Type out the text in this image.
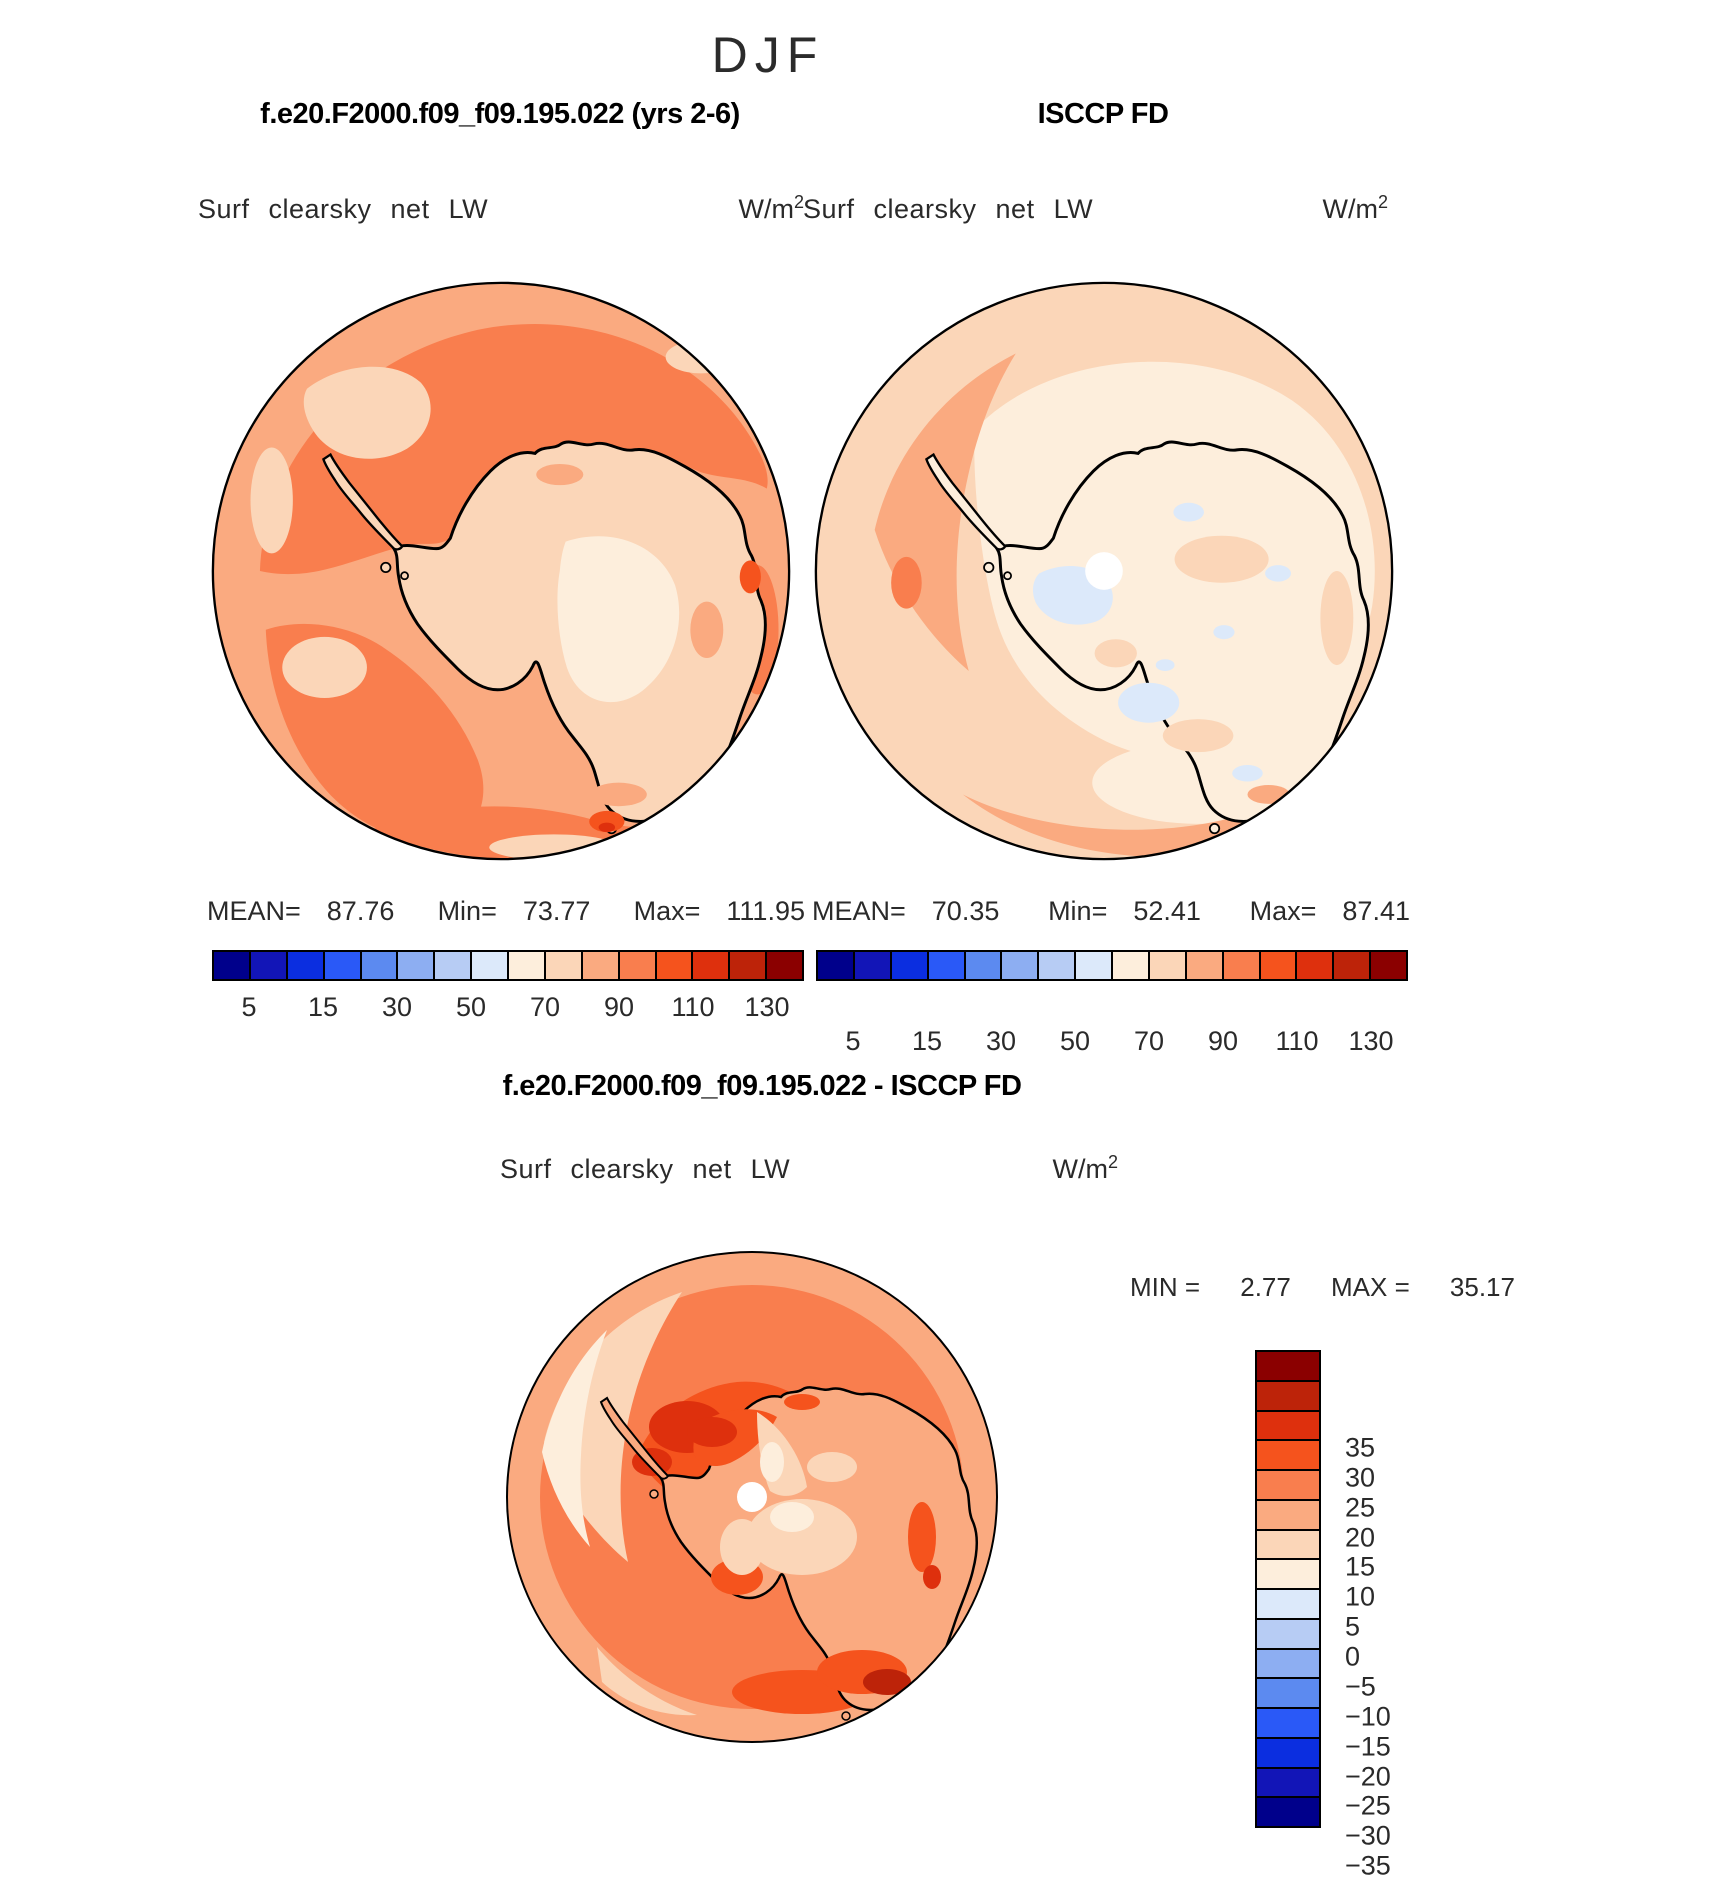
DJF
f.e20.F2000.f09_f09.195.022 (yrs 2-6)	ISCCP FD
Surf clearsky net LW	$W/m^2$ Surf clearsky net LW	$W/m^2$
MEAN= 87.76 Min= 73.77 Max= 111.95 MEAN= 70.35 Min= 52.41 Max= 87.41
5 15 30 50 70 90 110 130
5 15 30 50 70 90 110 130
f.e20.F2000.f09_f09.195.022 - ISCCP FD
Surf clearsky net LW	$W/m^2$
MIN = 2.77 MAX = 35.17
35
30
25
20
15
10
5
0
−5
−10
−15
−20
−25
−30
−35
